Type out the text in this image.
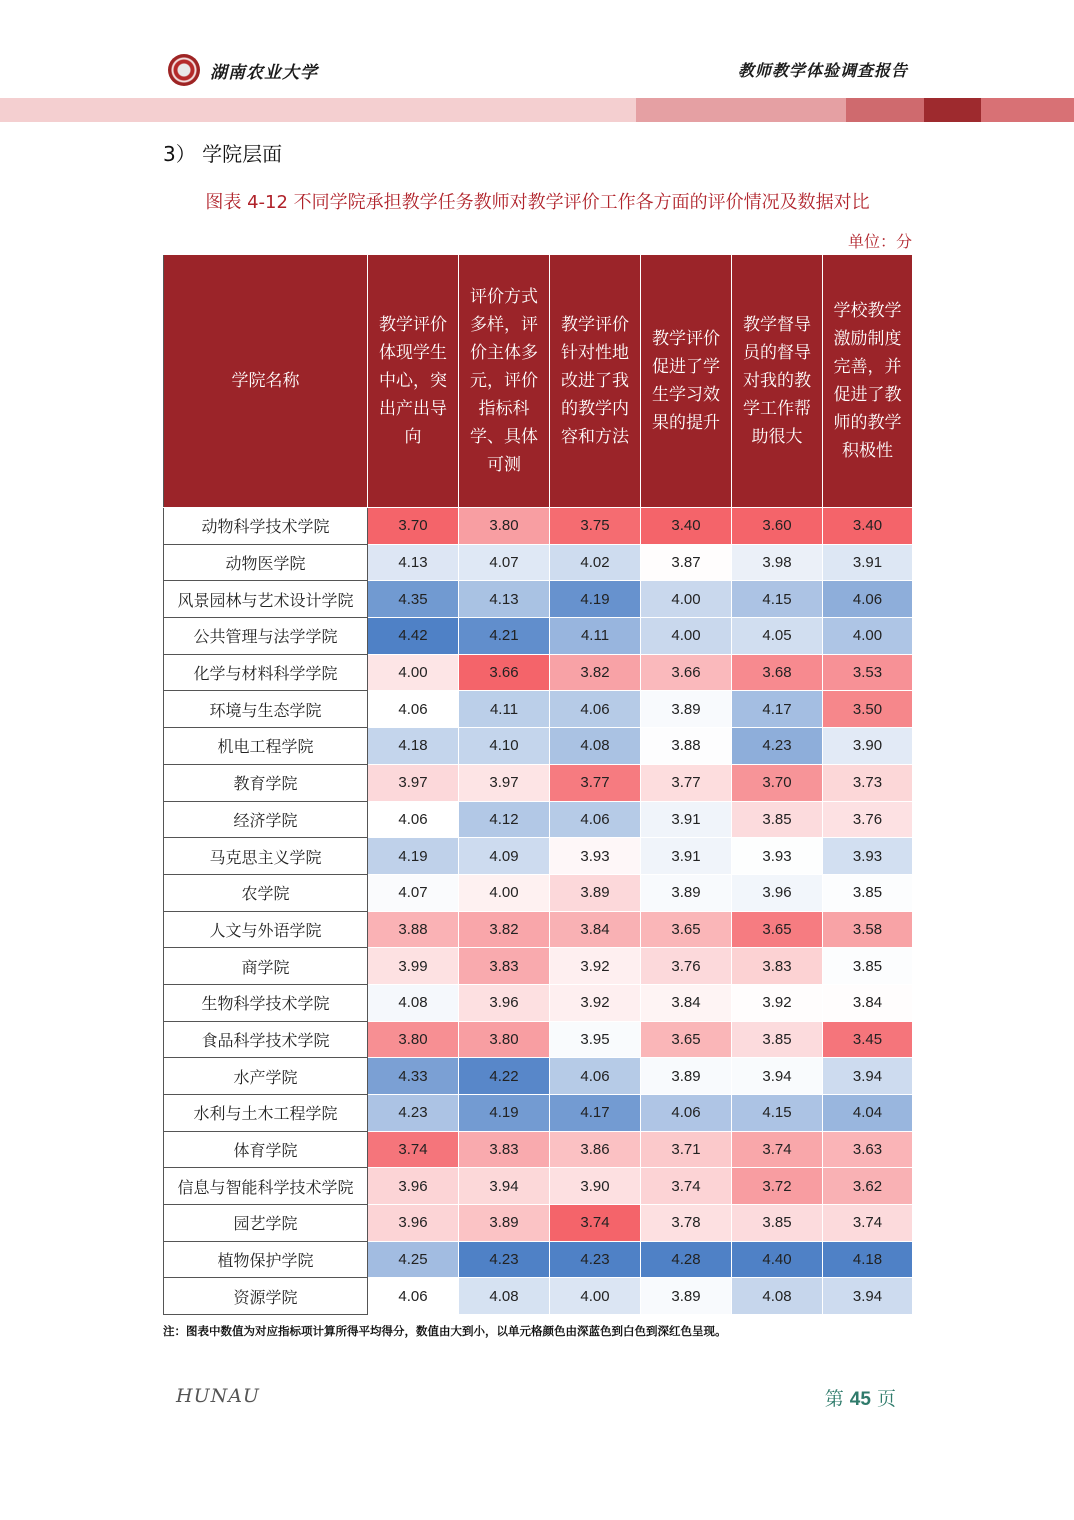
湖南农业大学	教师教学体验调查报告
3） 学院层面
图表 4-12 不同学院承担教学任务教师对教学评价工作各方面的评价情况及数据对比
单位：分
学院名称	教学评价体现学生中心，突出产出导向	评价方式多样，评价主体多元，评价指标科学、具体可测	教学评价针对性地改进了我的教学内容和方法	教学评价促进了学生学习效果的提升	教学督导员的督导对我的教学工作帮助很大	学校教学激励制度完善，并促进了教师的教学积极性
动物科学技术学院	3.70	3.80	3.75	3.40	3.60	3.40
动物医学院	4.13	4.07	4.02	3.87	3.98	3.91
风景园林与艺术设计学院	4.35	4.13	4.19	4.00	4.15	4.06
公共管理与法学学院	4.42	4.21	4.11	4.00	4.05	4.00
化学与材料科学学院	4.00	3.66	3.82	3.66	3.68	3.53
环境与生态学院	4.06	4.11	4.06	3.89	4.17	3.50
机电工程学院	4.18	4.10	4.08	3.88	4.23	3.90
教育学院	3.97	3.97	3.77	3.77	3.70	3.73
经济学院	4.06	4.12	4.06	3.91	3.85	3.76
马克思主义学院	4.19	4.09	3.93	3.91	3.93	3.93
农学院	4.07	4.00	3.89	3.89	3.96	3.85
人文与外语学院	3.88	3.82	3.84	3.65	3.65	3.58
商学院	3.99	3.83	3.92	3.76	3.83	3.85
生物科学技术学院	4.08	3.96	3.92	3.84	3.92	3.84
食品科学技术学院	3.80	3.80	3.95	3.65	3.85	3.45
水产学院	4.33	4.22	4.06	3.89	3.94	3.94
水利与土木工程学院	4.23	4.19	4.17	4.06	4.15	4.04
体育学院	3.74	3.83	3.86	3.71	3.74	3.63
信息与智能科学技术学院	3.96	3.94	3.90	3.74	3.72	3.62
园艺学院	3.96	3.89	3.74	3.78	3.85	3.74
植物保护学院	4.25	4.23	4.23	4.28	4.40	4.18
资源学院	4.06	4.08	4.00	3.89	4.08	3.94
注：图表中数值为对应指标项计算所得平均得分，数值由大到小，以单元格颜色由深蓝色到白色到深红色呈现。
HUNAU	第 45 页
